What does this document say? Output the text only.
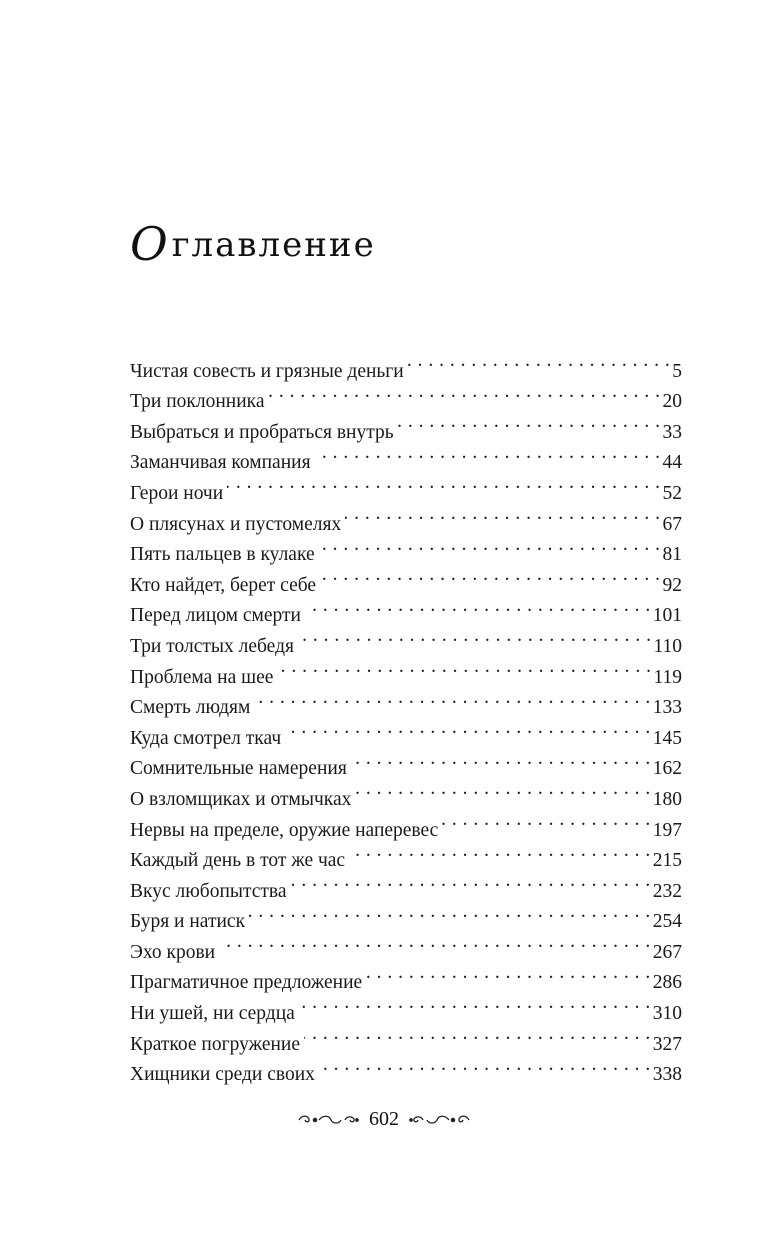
Оглавление
Чистая совесть и грязные деньги . . .	5
Три поклонника . . .	20
Выбраться и пробраться внутрь . . .	33
Заманчивая компания . . .	44
Герои ночи . . .	52
О плясунах и пустомелях . . .	67
Пять пальцев в кулаке . . .	81
Кто найдет, берет себе . . .	92
Перед лицом смерти . . .	101
Три толстых лебедя . . .	110
Проблема на шее . . .	119
Смерть людям . . .	133
Куда смотрел ткач . . .	145
Сомнительные намерения . . .	162
О взломщиках и отмычках . . .	180
Нервы на пределе, оружие наперевес . . .	197
Каждый день в тот же час . . .	215
Вкус любопытства . . .	232
Буря и натиск . . .	254
Эхо крови . . .	267
Прагматичное предложение . . .	286
Ни ушей, ни сердца . . .	310
Краткое погружение . . .	327
Хищники среди своих . . .	338
602
